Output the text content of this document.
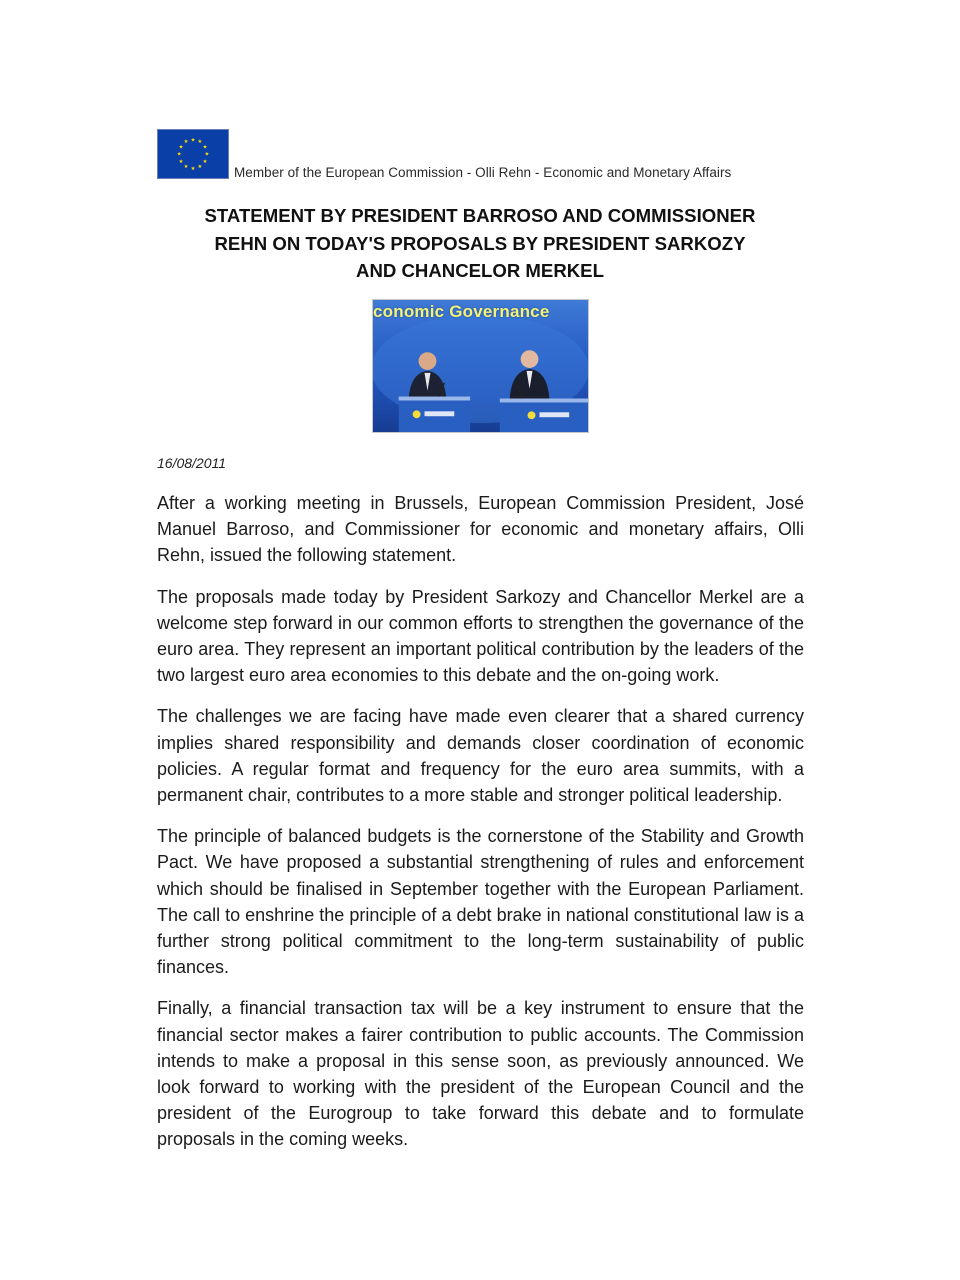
★ ★
★
★
★
★
★
★
★
★
★
★
Member of the European Commission - Olli Rehn - Economic and Monetary Affairs
STATEMENT BY PRESIDENT BARROSO AND COMMISSIONER
REHN ON TODAY'S PROPOSALS BY PRESIDENT SARKOZY
AND CHANCELOR MERKEL
conomic Governance
16/08/2011

After a working meeting in Brussels, European Commission President, José Manuel Barroso, and Commissioner for economic and monetary affairs, Olli Rehn, issued the following statement.

The proposals made today by President Sarkozy and Chancellor Merkel are a welcome step forward in our common efforts to strengthen the governance of the euro area. They represent an important political contribution by the leaders of the two largest euro area economies to this debate and the on-going work.

The challenges we are facing have made even clearer that a shared currency implies shared responsibility and demands closer coordination of economic policies. A regular format and frequency for the euro area summits, with a permanent chair, contributes to a more stable and stronger political leadership.

The principle of balanced budgets is the cornerstone of the Stability and Growth Pact. We have proposed a substantial strengthening of rules and enforcement which should be finalised in September together with the European Parliament. The call to enshrine the principle of a debt brake in national constitutional law is a further strong political commitment to the long-term sustainability of public finances.

Finally, a financial transaction tax will be a key instrument to ensure that the financial sector makes a fairer contribution to public accounts. The Commission intends to make a proposal in this sense soon, as previously announced. We look forward to working with the president of the European Council and the president of the Eurogroup to take forward this debate and to formulate proposals in the coming weeks.
